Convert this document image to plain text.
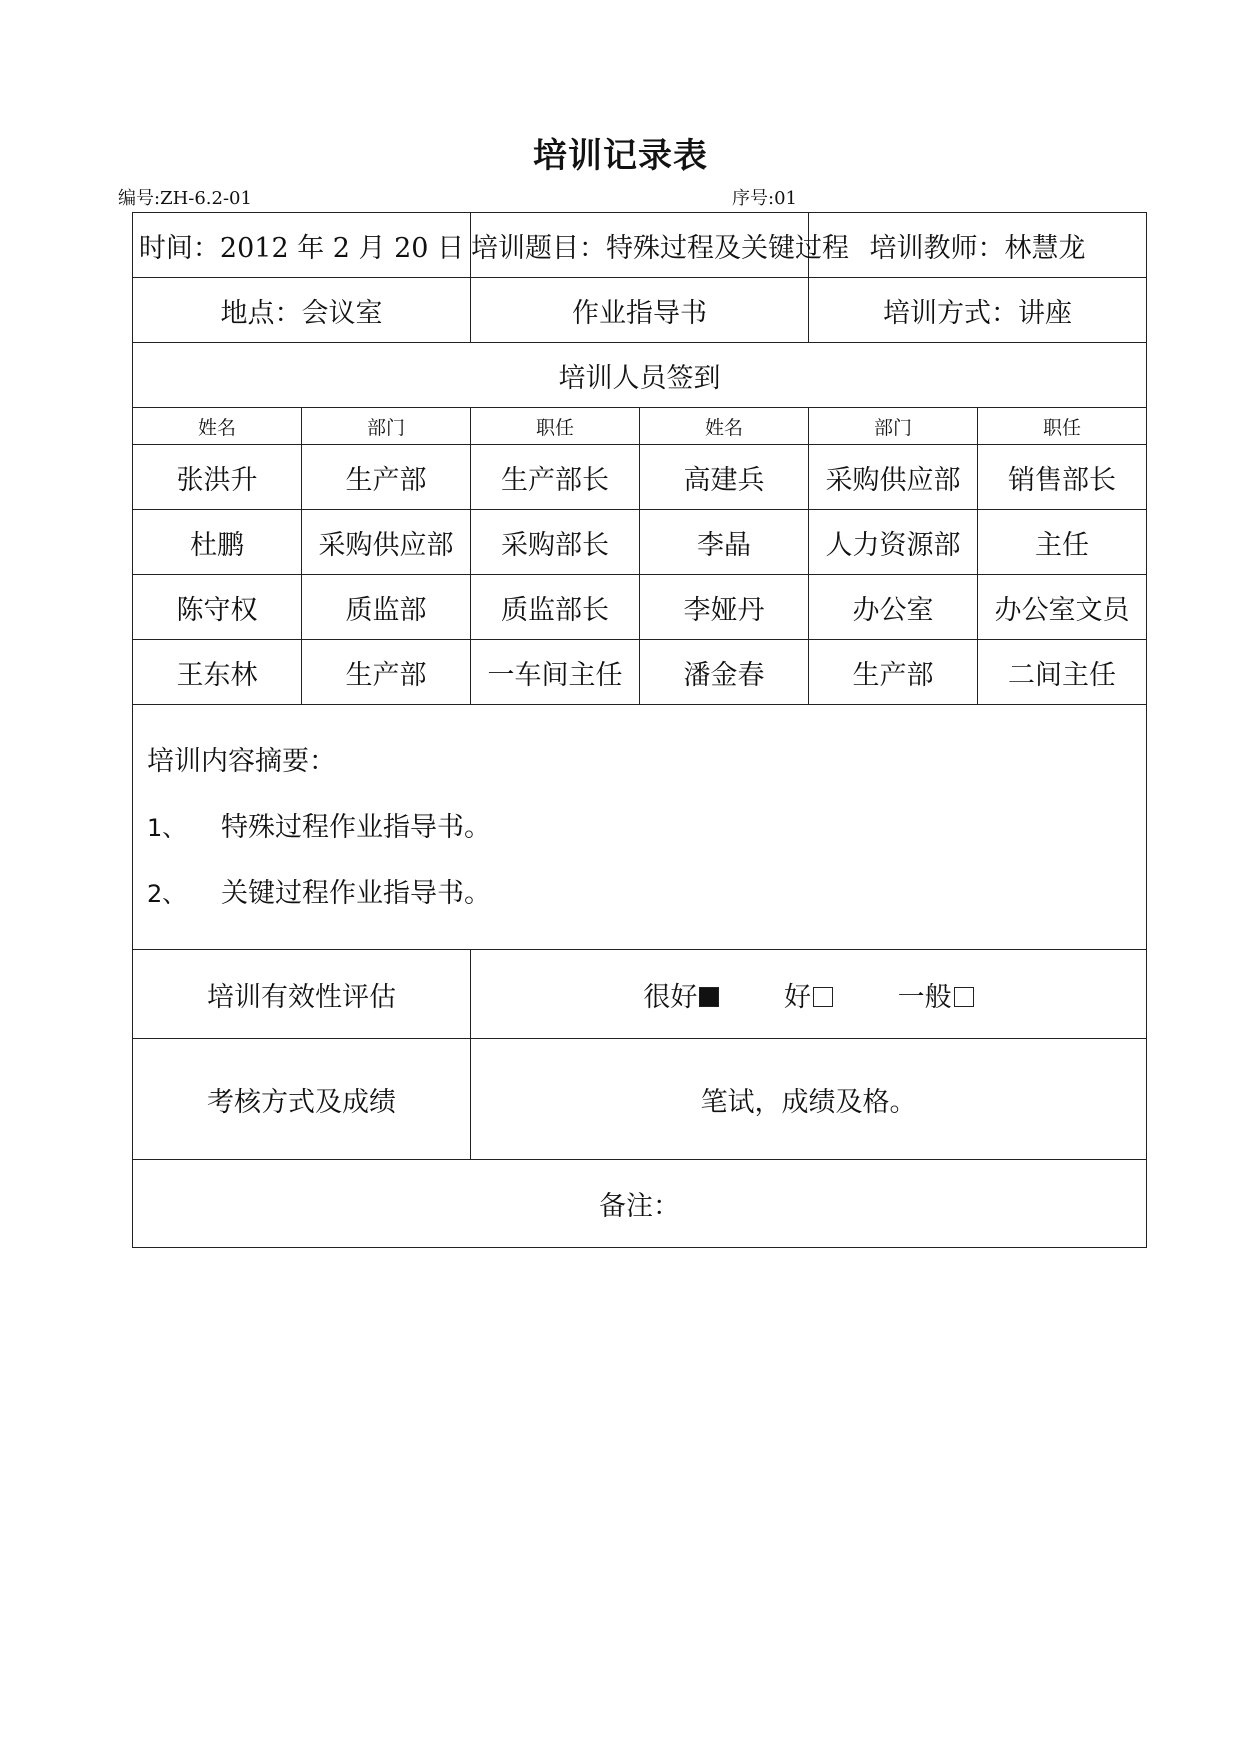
培训记录表
编号:ZH-6.2-01	序号:01
时间：2012 年 2 月 20 日		培训题目：特殊过程及关键过程		培训教师：林慧龙	
地点：会议室		作业指导书		培训方式：讲座	
培训人员签到					
姓名	部门	职任	姓名	部门	职任
张洪升	生产部	生产部长	高建兵	采购供应部	销售部长
杜鹏	采购供应部	采购部长	李晶	人力资源部	主任
陈守权	质监部	质监部长	李娅丹	办公室	办公室文员
王东林	生产部	一车间主任	潘金春	生产部	二间主任

培训内容摘要：

1、 特殊过程作业指导书。

2、 关键过程作业指导书。					

培训有效性评估		很好 好 一般			
考核方式及成绩		笔试，成绩及格。			
备注：					
